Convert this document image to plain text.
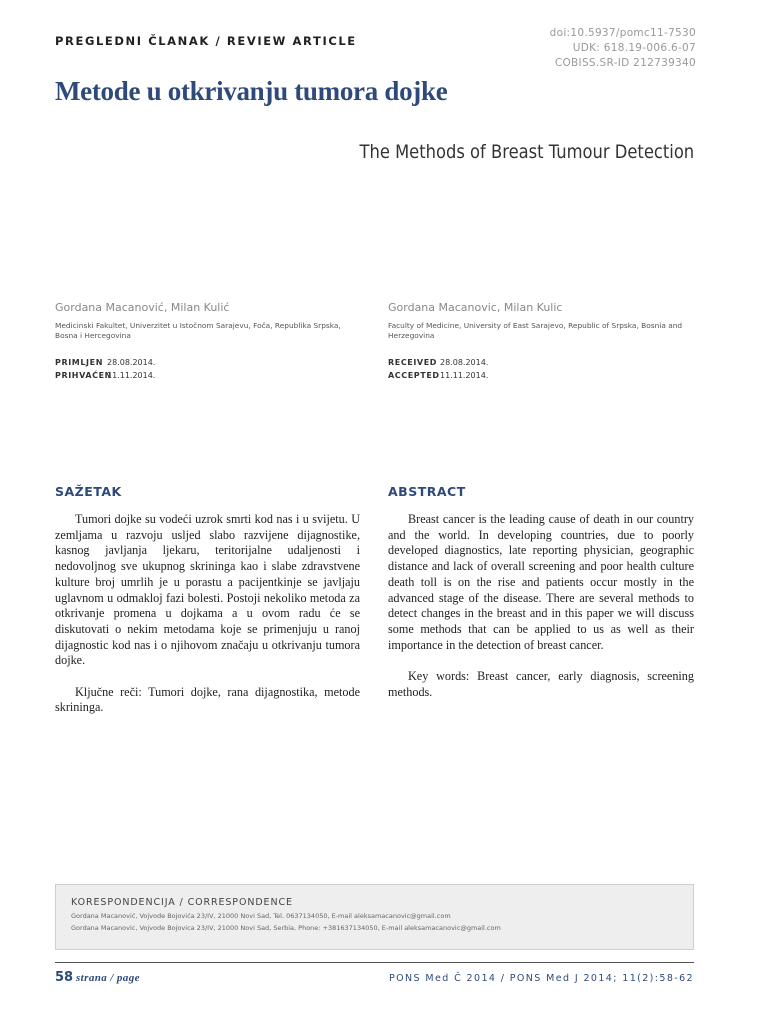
PREGLEDNI ČLANAK / REVIEW ARTICLE
doi:10.5937/pomc11-7530
UDK: 618.19-006.6-07
COBISS.SR-ID 212739340
Metode u otkrivanju tumora dojke
The Methods of Breast Tumour Detection
Gordana Macanović, Milan Kulić
Medicinski Fakultet, Univerzitet u Istočnom Sarajevu, Foča, Republika Srpska, Bosna i Hercegovina
PRIMLJEN 28.08.2014.
PRIHVAĆEN11.11.2014.
SAŽETAK

Tumori dojke su vodeći uzrok smrti kod nas i u svijetu. U zemljama u razvoju usljed slabo razvijene dijagnostike, kasnog javljanja ljekaru, teritorijalne udaljenosti i nedovoljnog sve ukupnog skrininga kao i slabe zdravstvene kulture broj umrlih je u porastu a pacijentkinje se javljaju uglavnom u odmakloj fazi bolesti. Postoji nekoliko metoda za otkrivanje promena u dojkama a u ovom radu će se diskutovati o nekim metodama koje se primenjuju u ranoj dijagnostic kod nas i o njihovom značaju u otkrivanju tumora dojke.

Ključne reči: Tumori dojke, rana dijagnostika, metode skrininga.

Gordana Macanovic, Milan Kulic
Faculty of Medicine, University of East Sarajevo, Republic of Srpska, Bosnia and Herzegovina
RECEIVED 28.08.2014.
ACCEPTED11.11.2014.
ABSTRACT

Breast cancer is the leading cause of death in our country and the world. In developing countries, due to poorly developed diagnostics, late reporting physician, geographic distance and lack of overall screening and poor health culture death toll is on the rise and patients occur mostly in the advanced stage of the disease. There are several methods to detect changes in the breast and in this paper we will discuss some methods that can be applied to us as well as their importance in the detection of breast cancer.

Key words: Breast cancer, early diagnosis, screening methods.

KORESPONDENCIJA / CORRESPONDENCE
Gordana Macanović, Vojvode Bojovića 23/IV, 21000 Novi Sad, Tel. 0637134050, E-mail aleksamacanovic@gmail.com
Gordana Macanovic, Vojvode Bojovica 23/IV, 21000 Novi Sad, Serbia, Phone: +381637134050, E-mail aleksamacanovic@gmail.com
58 strana / page	PONS Med Č 2014 / PONS Med J 2014; 11(2):58-62
